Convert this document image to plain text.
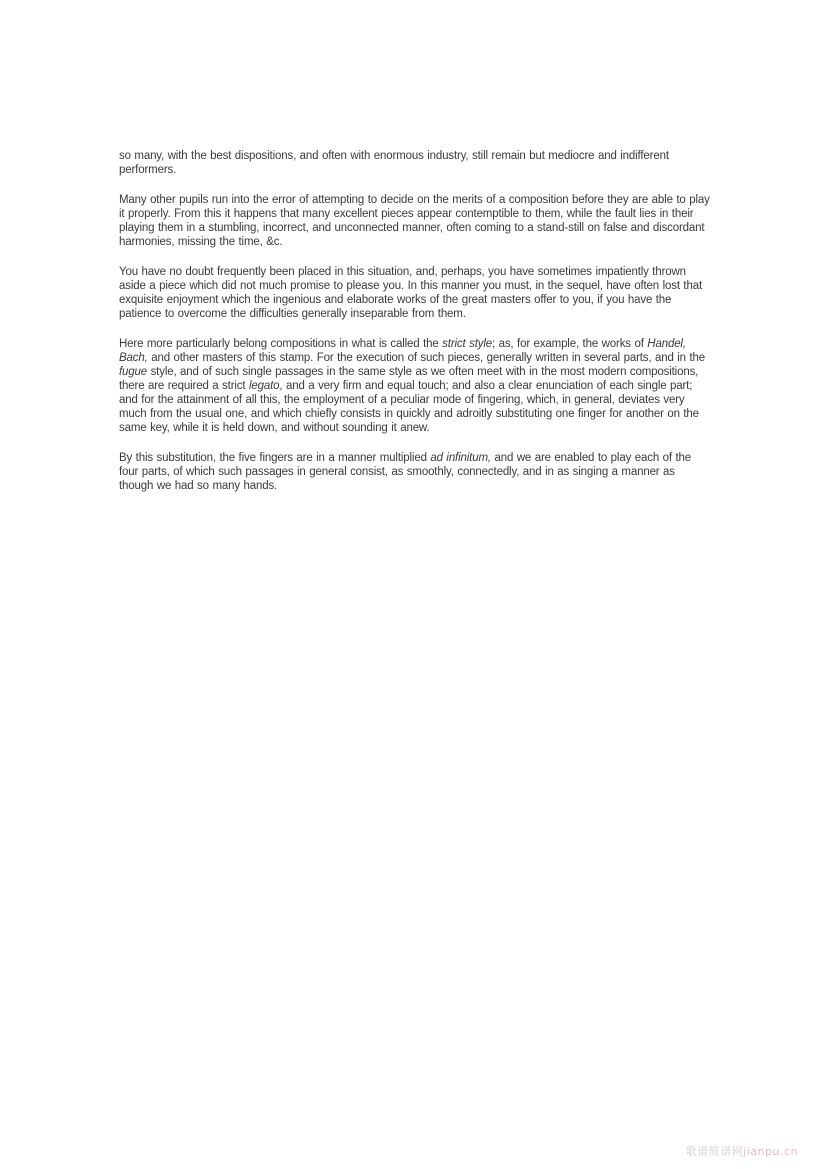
so many, with the best dispositions, and often with enormous industry, still remain but mediocre and indifferent performers.

Many other pupils run into the error of attempting to decide on the merits of a composition before they are able to play it properly. From this it happens that many excellent pieces appear contemptible to them, while the fault lies in their playing them in a stumbling, incorrect, and unconnected manner, often coming to a stand-still on false and discordant harmonies, missing the time, &c.

You have no doubt frequently been placed in this situation, and, perhaps, you have sometimes impatiently thrown aside a piece which did not much promise to please you. In this manner you must, in the sequel, have often lost that exquisite enjoyment which the ingenious and elaborate works of the great masters offer to you, if you have the patience to overcome the difficulties generally inseparable from them.

Here more particularly belong compositions in what is called the strict style; as, for example, the works of Handel, Bach, and other masters of this stamp. For the execution of such pieces, generally written in several parts, and in the fugue style, and of such single passages in the same style as we often meet with in the most modern compositions, there are required a strict legato, and a very firm and equal touch; and also a clear enunciation of each single part; and for the attainment of all this, the employment of a peculiar mode of fingering, which, in general, deviates very much from the usual one, and which chiefly consists in quickly and adroitly substituting one finger for another on the same key, while it is held down, and without sounding it anew.

By this substitution, the five fingers are in a manner multiplied ad infinitum, and we are enabled to play each of the four parts, of which such passages in general consist, as smoothly, connectedly, and in as singing a manner as though we had so many hands.

歌谱简谱网jianpu.cn
